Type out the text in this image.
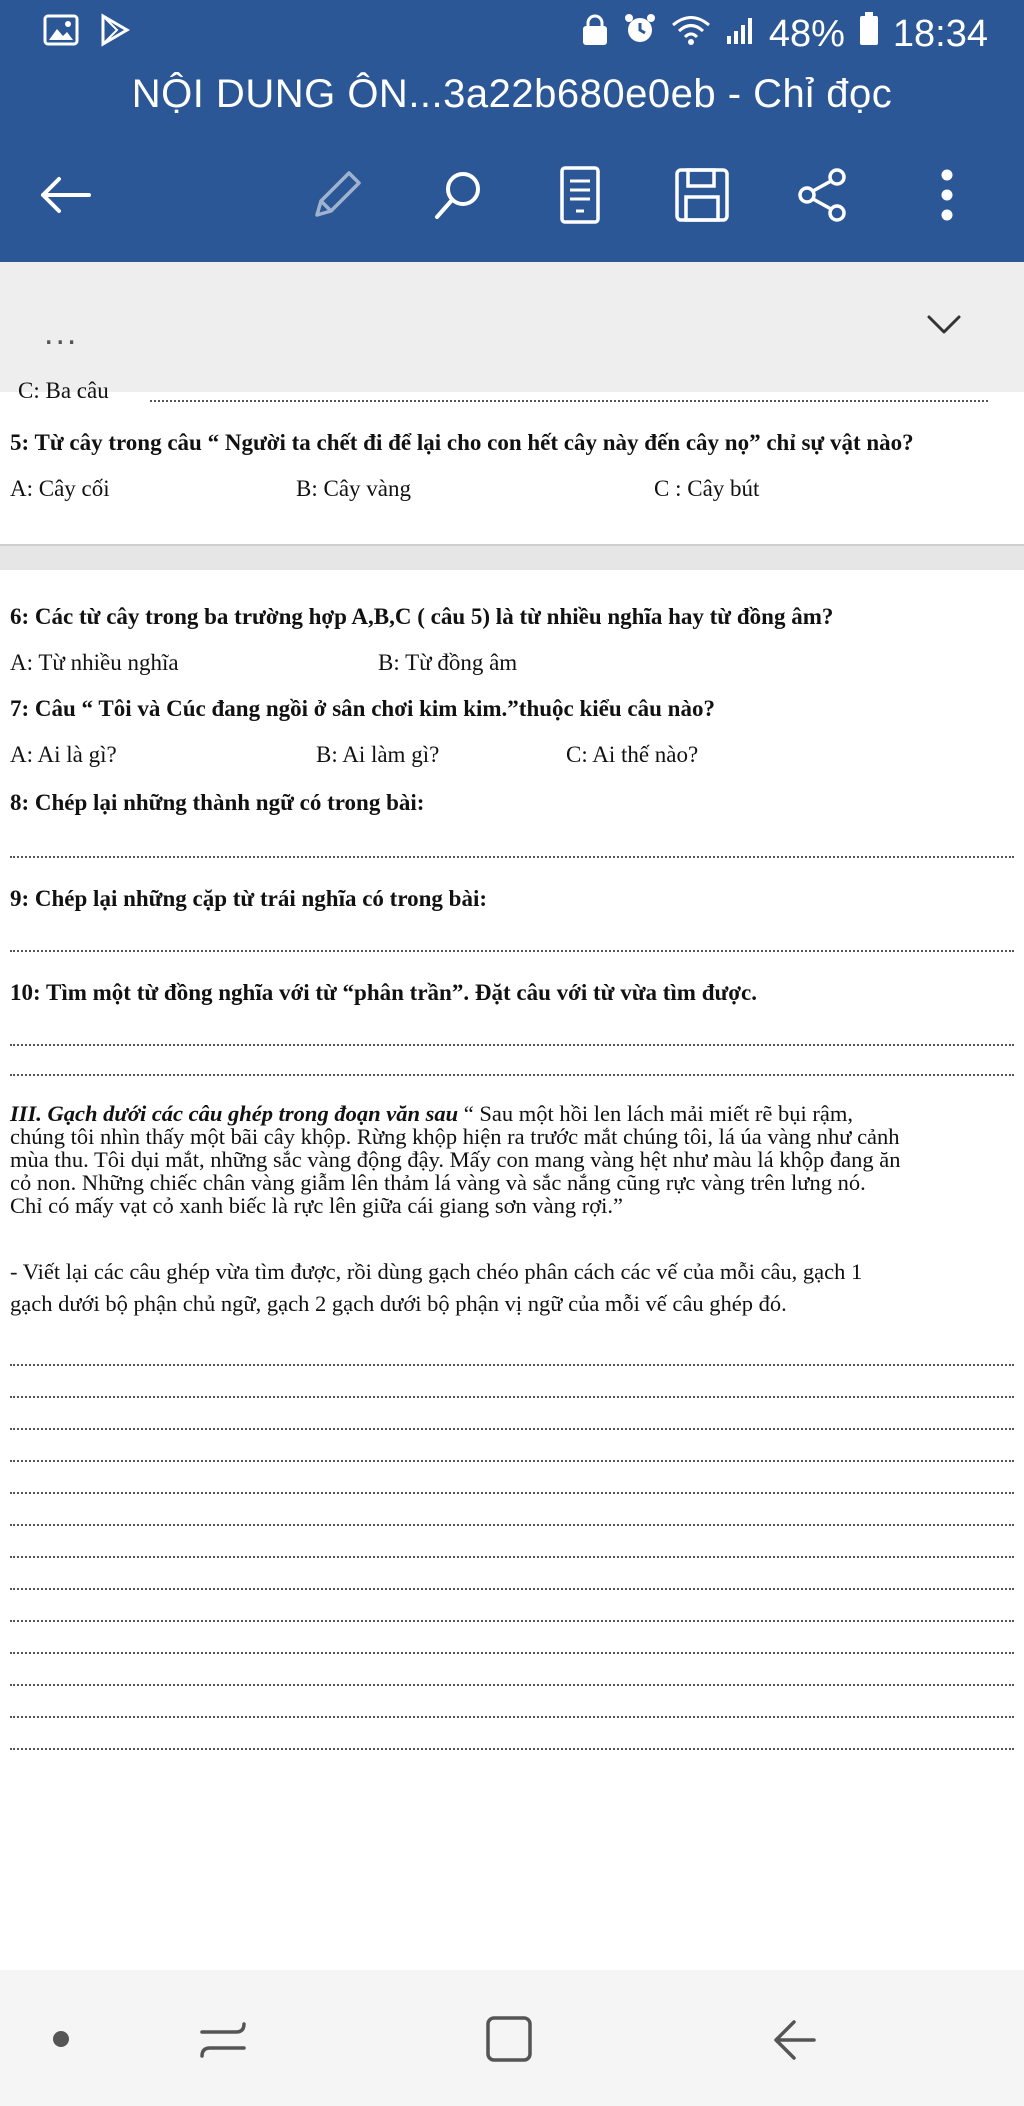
48% 18:34
NỘI DUNG ÔN...3a22b680e0eb - Chỉ đọc
...
C: Ba câu
5: Từ cây trong câu “ Người ta chết đi để lại cho con hết cây này đến cây nọ” chỉ sự vật nào?
A: Cây cối	B: Cây vàng	C : Cây bút
6: Các từ cây trong ba trường hợp A,B,C ( câu 5) là từ nhiều nghĩa hay từ đồng âm?
A: Từ nhiều nghĩa	B: Từ đồng âm
7: Câu “ Tôi và Cúc đang ngồi ở sân chơi kim kim.”thuộc kiểu câu nào?
A: Ai là gì?	B: Ai làm gì?	C: Ai thế nào?
8: Chép lại những thành ngữ có trong bài:
9: Chép lại những cặp từ trái nghĩa có trong bài:
10: Tìm một từ đồng nghĩa với từ “phân trần”. Đặt câu với từ vừa tìm được.
III. Gạch dưới các câu ghép trong đoạn văn sau “ Sau một hồi len lách mải miết rẽ bụi rậm,
chúng tôi nhìn thấy một bãi cây khộp. Rừng khộp hiện ra trước mắt chúng tôi, lá úa vàng như cảnh
mùa thu. Tôi dụi mắt, những sắc vàng động đậy. Mấy con mang vàng hệt như màu lá khộp đang ăn
cỏ non. Những chiếc chân vàng giẫm lên thảm lá vàng và sắc nắng cũng rực vàng trên lưng nó.
Chỉ có mấy vạt cỏ xanh biếc là rực lên giữa cái giang sơn vàng rợi.”
- Viết lại các câu ghép vừa tìm được, rồi dùng gạch chéo phân cách các vế của mỗi câu, gạch 1
gạch dưới bộ phận chủ ngữ, gạch 2 gạch dưới bộ phận vị ngữ của mỗi vế câu ghép đó.
